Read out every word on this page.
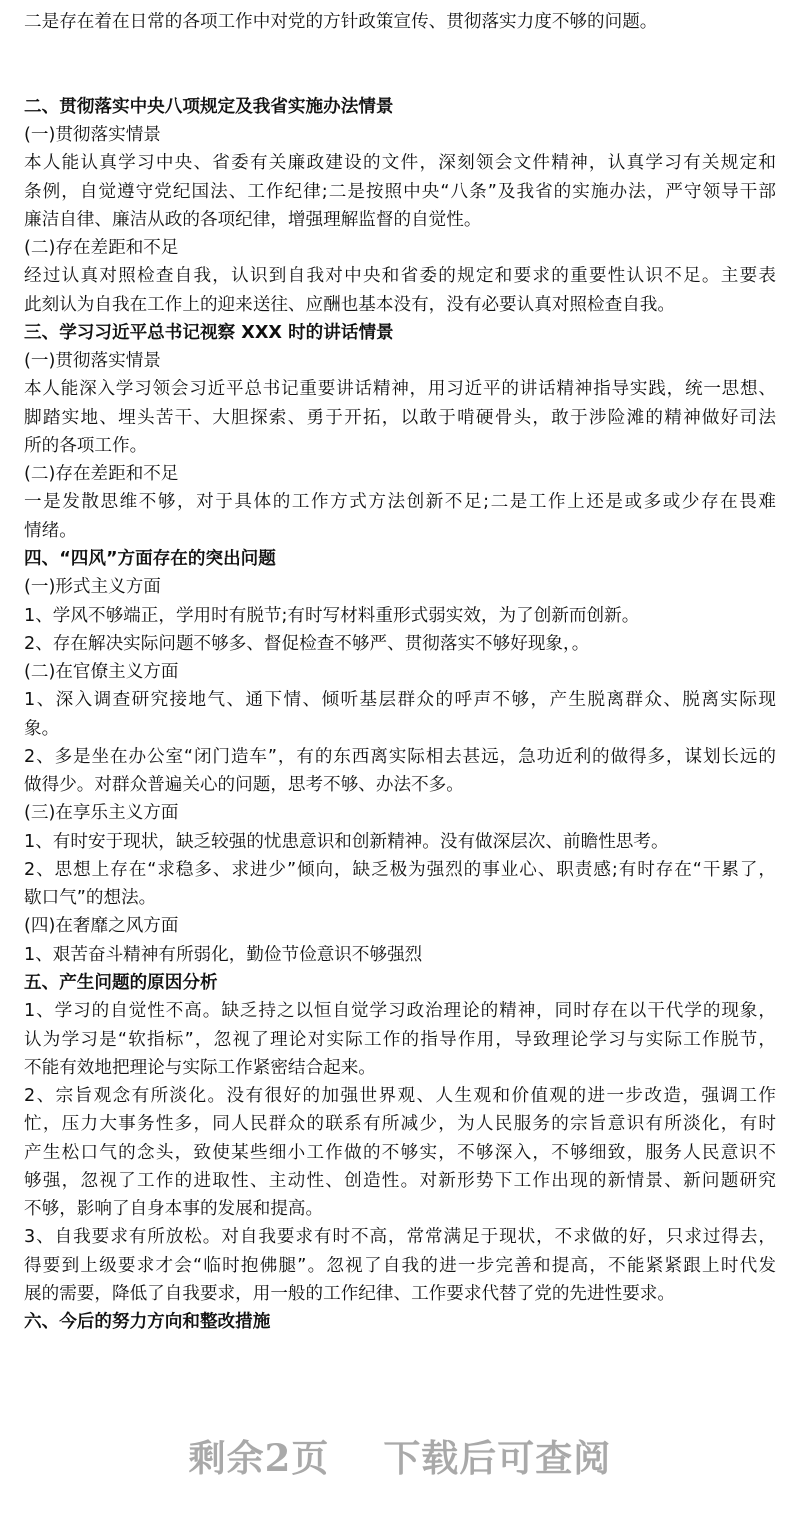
二是存在着在日常的各项工作中对党的方针政策宣传、贯彻落实力度不够的问题。
二、贯彻落实中央八项规定及我省实施办法情景
(一)贯彻落实情景
本人能认真学习中央、省委有关廉政建设的文件，深刻领会文件精神，认真学习有关规定和
条例，自觉遵守党纪国法、工作纪律;二是按照中央“八条”及我省的实施办法，严守领导干部
廉洁自律、廉洁从政的各项纪律，增强理解监督的自觉性。
(二)存在差距和不足
经过认真对照检查自我，认识到自我对中央和省委的规定和要求的重要性认识不足。主要表
此刻认为自我在工作上的迎来送往、应酬也基本没有，没有必要认真对照检查自我。
三、学习习近平总书记视察 XXX 时的讲话情景
(一)贯彻落实情景
本人能深入学习领会习近平总书记重要讲话精神，用习近平的讲话精神指导实践，统一思想、
脚踏实地、埋头苦干、大胆探索、勇于开拓，以敢于啃硬骨头，敢于涉险滩的精神做好司法
所的各项工作。
(二)存在差距和不足
一是发散思维不够，对于具体的工作方式方法创新不足;二是工作上还是或多或少存在畏难
情绪。
四、“四风”方面存在的突出问题
(一)形式主义方面
1、学风不够端正，学用时有脱节;有时写材料重形式弱实效，为了创新而创新。
2、存在解决实际问题不够多、督促检查不够严、贯彻落实不够好现象，。
(二)在官僚主义方面
1、深入调查研究接地气、通下情、倾听基层群众的呼声不够，产生脱离群众、脱离实际现
象。
2、多是坐在办公室“闭门造车”，有的东西离实际相去甚远，急功近利的做得多，谋划长远的
做得少。对群众普遍关心的问题，思考不够、办法不多。
(三)在享乐主义方面
1、有时安于现状，缺乏较强的忧患意识和创新精神。没有做深层次、前瞻性思考。
2、思想上存在“求稳多、求进少”倾向，缺乏极为强烈的事业心、职责感;有时存在“干累了，
歇口气”的想法。
(四)在奢靡之风方面
1、艰苦奋斗精神有所弱化，勤俭节俭意识不够强烈
五、产生问题的原因分析
1、学习的自觉性不高。缺乏持之以恒自觉学习政治理论的精神，同时存在以干代学的现象，
认为学习是“软指标”，忽视了理论对实际工作的指导作用，导致理论学习与实际工作脱节，
不能有效地把理论与实际工作紧密结合起来。
2、宗旨观念有所淡化。没有很好的加强世界观、人生观和价值观的进一步改造，强调工作
忙，压力大事务性多，同人民群众的联系有所减少，为人民服务的宗旨意识有所淡化，有时
产生松口气的念头，致使某些细小工作做的不够实，不够深入，不够细致，服务人民意识不
够强，忽视了工作的进取性、主动性、创造性。对新形势下工作出现的新情景、新问题研究
不够，影响了自身本事的发展和提高。
3、自我要求有所放松。对自我要求有时不高，常常满足于现状，不求做的好，只求过得去，
得要到上级要求才会“临时抱佛腿”。忽视了自我的进一步完善和提高，不能紧紧跟上时代发
展的需要，降低了自我要求，用一般的工作纪律、工作要求代替了党的先进性要求。
六、今后的努力方向和整改措施
剩余2页 下载后可查阅
